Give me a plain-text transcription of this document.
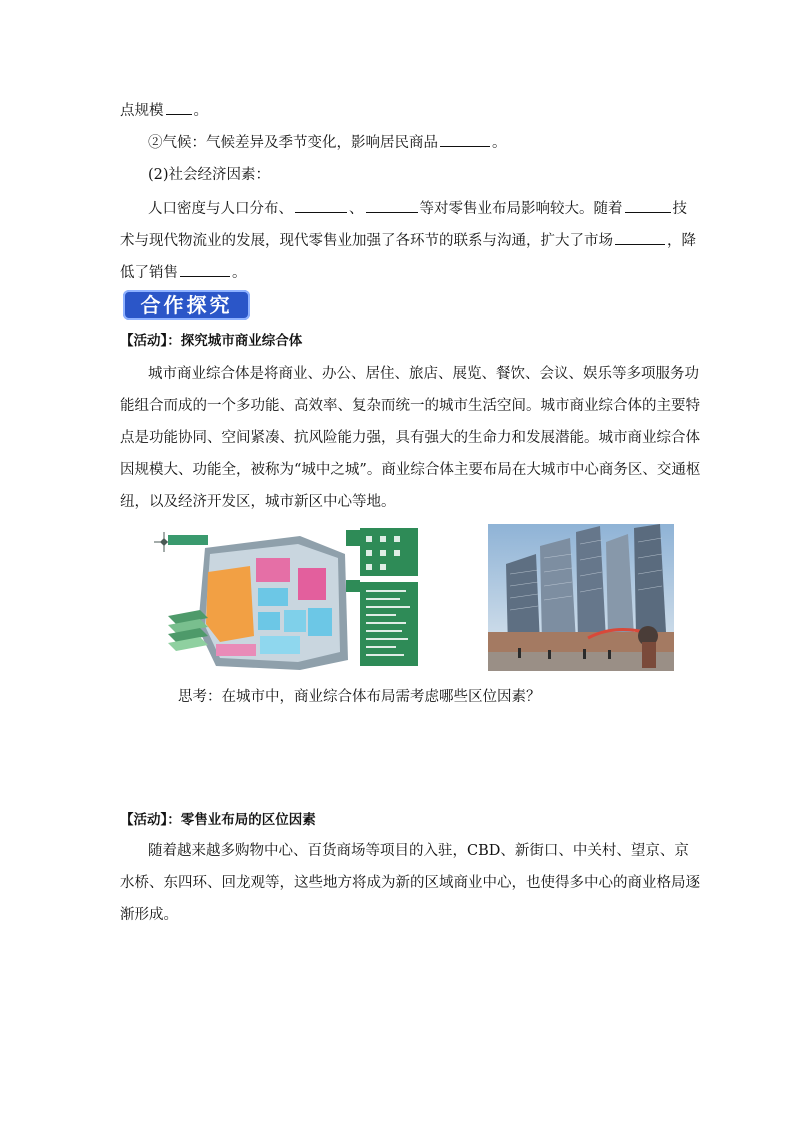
点规模 。
②气候：气候差异及季节变化，影响居民商品	。
(2)社会经济因素：
人口密度与人口分布、	、	等对零售业布局影响较大。随着	技
术与现代物流业的发展，现代零售业加强了各环节的联系与沟通，扩大了市场	，降
低了销售	。
合作探究
【活动】：探究城市商业综合体
城市商业综合体是将商业、办公、居住、旅店、展览、餐饮、会议、娱乐等多项服务功
能组合而成的一个多功能、高效率、复杂而统一的城市生活空间。城市商业综合体的主要特
点是功能协同、空间紧凑、抗风险能力强，具有强大的生命力和发展潜能。城市商业综合体
因规模大、功能全，被称为“城中之城”。商业综合体主要布局在大城市中心商务区、交通枢
纽，以及经济开发区，城市新区中心等地。
思考：在城市中，商业综合体布局需考虑哪些区位因素？
【活动】：零售业布局的区位因素
随着越来越多购物中心、百货商场等项目的入驻，CBD、新街口、中关村、望京、京
水桥、东四环、回龙观等，这些地方将成为新的区域商业中心，也使得多中心的商业格局逐
渐形成。
